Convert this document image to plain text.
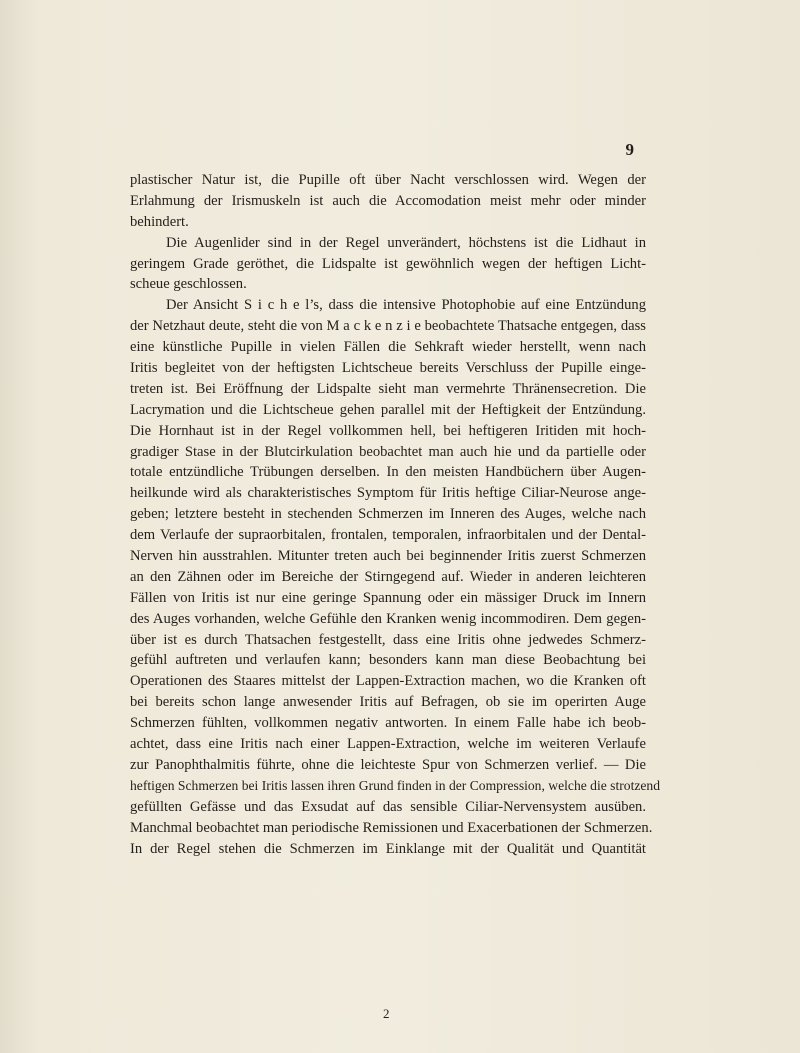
9
plastischer Natur ist, die Pupille oft über Nacht verschlossen wird. Wegen der
Erlahmung der Irismuskeln ist auch die Accomodation meist mehr oder minder
behindert.
Die Augenlider sind in der Regel unverändert, höchstens ist die Lidhaut in
geringem Grade geröthet, die Lidspalte ist gewöhnlich wegen der heftigen Licht-
scheue geschlossen.
Der Ansicht S i c h e l’s, dass die intensive Photophobie auf eine Entzündung
der Netzhaut deute, steht die von M a c k e n z i e beobachtete Thatsache entgegen, dass
eine künstliche Pupille in vielen Fällen die Sehkraft wieder herstellt, wenn nach
Iritis begleitet von der heftigsten Lichtscheue bereits Verschluss der Pupille einge-
treten ist. Bei Eröffnung der Lidspalte sieht man vermehrte Thränensecretion. Die
Lacrymation und die Lichtscheue gehen parallel mit der Heftigkeit der Entzündung.
Die Hornhaut ist in der Regel vollkommen hell, bei heftigeren Iritiden mit hoch-
gradiger Stase in der Blutcirkulation beobachtet man auch hie und da partielle oder
totale entzündliche Trübungen derselben. In den meisten Handbüchern über Augen-
heilkunde wird als charakteristisches Symptom für Iritis heftige Ciliar-Neurose ange-
geben; letztere besteht in stechenden Schmerzen im Inneren des Auges, welche nach
dem Verlaufe der supraorbitalen, frontalen, temporalen, infraorbitalen und der Dental-
Nerven hin ausstrahlen. Mitunter treten auch bei beginnender Iritis zuerst Schmerzen
an den Zähnen oder im Bereiche der Stirngegend auf. Wieder in anderen leichteren
Fällen von Iritis ist nur eine geringe Spannung oder ein mässiger Druck im Innern
des Auges vorhanden, welche Gefühle den Kranken wenig incommodiren. Dem gegen-
über ist es durch Thatsachen festgestellt, dass eine Iritis ohne jedwedes Schmerz-
gefühl auftreten und verlaufen kann; besonders kann man diese Beobachtung bei
Operationen des Staares mittelst der Lappen-Extraction machen, wo die Kranken oft
bei bereits schon lange anwesender Iritis auf Befragen, ob sie im operirten Auge
Schmerzen fühlten, vollkommen negativ antworten. In einem Falle habe ich beob-
achtet, dass eine Iritis nach einer Lappen-Extraction, welche im weiteren Verlaufe
zur Panophthalmitis führte, ohne die leichteste Spur von Schmerzen verlief. — Die
heftigen Schmerzen bei Iritis lassen ihren Grund finden in der Compression, welche die strotzend
gefüllten Gefässe und das Exsudat auf das sensible Ciliar-Nervensystem ausüben.
Manchmal beobachtet man periodische Remissionen und Exacerbationen der Schmerzen.
In der Regel stehen die Schmerzen im Einklange mit der Qualität und Quantität
2
